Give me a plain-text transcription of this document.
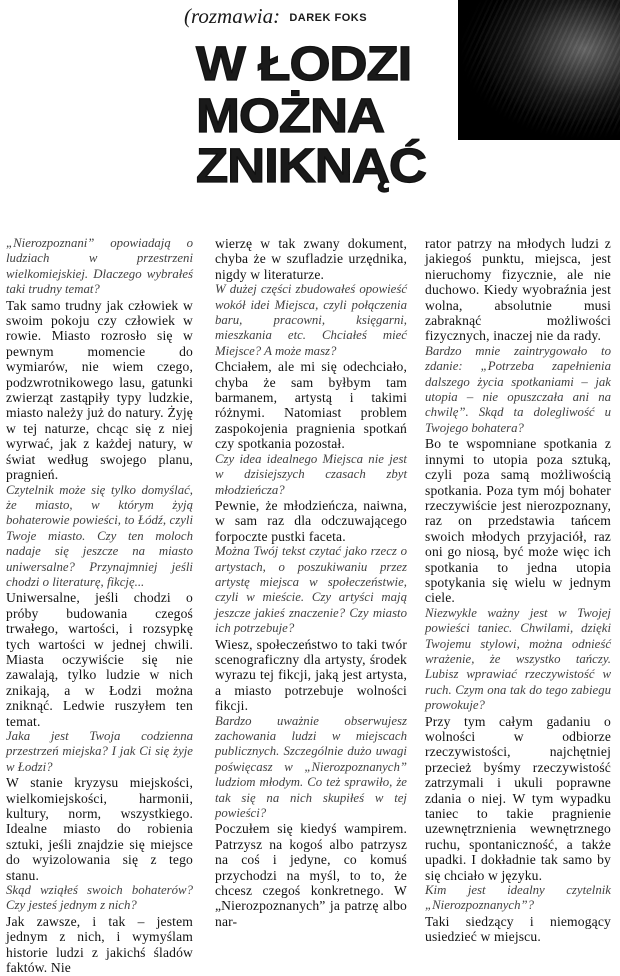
(rozmawia: DAREK FOKS
W ŁODZI
MOŻNA
ZNIKNĄĆ

„Nierozpoznani” opowiadają o ludziach w przestrzeni wielkomiejskiej. Dlaczego wybrałeś taki trudny temat?

Tak samo trudny jak człowiek w swoim pokoju czy człowiek w rowie. Miasto rozrosło się w pewnym momencie do wymiarów, nie wiem czego, podzwrotnikowego lasu, gatunki zwierząt zastąpiły typy ludzkie, miasto należy już do natury. Żyję w tej naturze, chcąc się z niej wyrwać, jak z każdej natury, w świat według swojego planu, pragnień.

Czytelnik może się tylko domyślać, że miasto, w którym żyją bohaterowie powieści, to Łódź, czyli Twoje miasto. Czy ten moloch nadaje się jeszcze na miasto uniwersalne? Przynajmniej jeśli chodzi o literaturę, fikcję...

Uniwersalne, jeśli chodzi o próby budowania czegoś trwałego, wartości, i rozsypkę tych wartości w jednej chwili. Miasta oczywiście się nie zawalają, tylko ludzie w nich znikają, a w Łodzi można zniknąć. Ledwie ruszyłem ten temat.

Jaka jest Twoja codzienna przestrzeń miejska? I jak Ci się żyje w Łodzi?

W stanie kryzysu miejskości, wielkomiejskości, harmonii, kultury, norm, wszystkiego. Idealne miasto do robienia sztuki, jeśli znajdzie się miejsce do wyizolowania się z tego stanu.

Skąd wziąłeś swoich bohaterów? Czy jesteś jednym z nich?

Jak zawsze, i tak – jestem jednym z nich, i wymyślam historie ludzi z jakichś śladów faktów. Nie

wierzę w tak zwany dokument, chyba że w szufladzie urzędnika, nigdy w literaturze.

W dużej części zbudowałeś opowieść wokół idei Miejsca, czyli połączenia baru, pracowni, księgarni, mieszkania etc. Chciałeś mieć Miejsce? A może masz?

Chciałem, ale mi się odechciało, chyba że sam byłbym tam barmanem, artystą i takimi różnymi. Natomiast problem zaspokojenia pragnienia spotkań czy spotkania pozostał.

Czy idea idealnego Miejsca nie jest w dzisiejszych czasach zbyt młodzieńcza?

Pewnie, że młodzieńcza, naiwna, w sam raz dla odczuwającego forpoczte pustki faceta.

Można Twój tekst czytać jako rzecz o artystach, o poszukiwaniu przez artystę miejsca w społeczeństwie, czyli w mieście. Czy artyści mają jeszcze jakieś znaczenie? Czy miasto ich potrzebuje?

Wiesz, społeczeństwo to taki twór scenograficzny dla artysty, środek wyrazu tej fikcji, jaką jest artysta, a miasto potrzebuje wolności fikcji.

Bardzo uważnie obserwujesz zachowania ludzi w miejscach publicznych. Szczególnie dużo uwagi poświęcasz w „Nierozpoznanych” ludziom młodym. Co też sprawiło, że tak się na nich skupiłeś w tej powieści?

Poczułem się kiedyś wampirem. Patrzysz na kogoś albo patrzysz na coś i jedyne, co komuś przychodzi na myśl, to to, że chcesz czegoś konkretnego. W „Nierozpoznanych” ja patrzę albo nar-

rator patrzy na młodych ludzi z jakiegoś punktu, miejsca, jest nieruchomy fizycznie, ale nie duchowo. Kiedy wyobraźnia jest wolna, absolutnie musi zabraknąć możliwości fizycznych, inaczej nie da rady.

Bardzo mnie zaintrygowało to zdanie: „Potrzeba zapełnienia dalszego życia spotkaniami – jak utopia – nie opuszczała ani na chwilę”. Skąd ta dolegliwość u Twojego bohatera?

Bo te wspomniane spotkania z innymi to utopia poza sztuką, czyli poza samą możliwością spotkania. Poza tym mój bohater rzeczywiście jest nierozpoznany, raz on przedstawia tańcem swoich młodych przyjaciół, raz oni go niosą, być może więc ich spotkania to jedna utopia spotykania się wielu w jednym ciele.

Niezwykle ważny jest w Twojej powieści taniec. Chwilami, dzięki Twojemu stylowi, można odnieść wrażenie, że wszystko tańczy. Lubisz wprawiać rzeczywistość w ruch. Czym ona tak do tego zabiegu prowokuje?

Przy tym całym gadaniu o wolności w odbiorze rzeczywistości, najchętniej przecież byśmy rzeczywistość zatrzymali i ukuli poprawne zdania o niej. W tym wypadku taniec to takie pragnienie uzewnętrznienia wewnętrznego ruchu, spontaniczność, a także upadki. I dokładnie tak samo by się chciało w języku.

Kim jest idealny czytelnik „Nierozpoznanych”?

Taki siedzący i niemogący usiedzieć w miejscu.
